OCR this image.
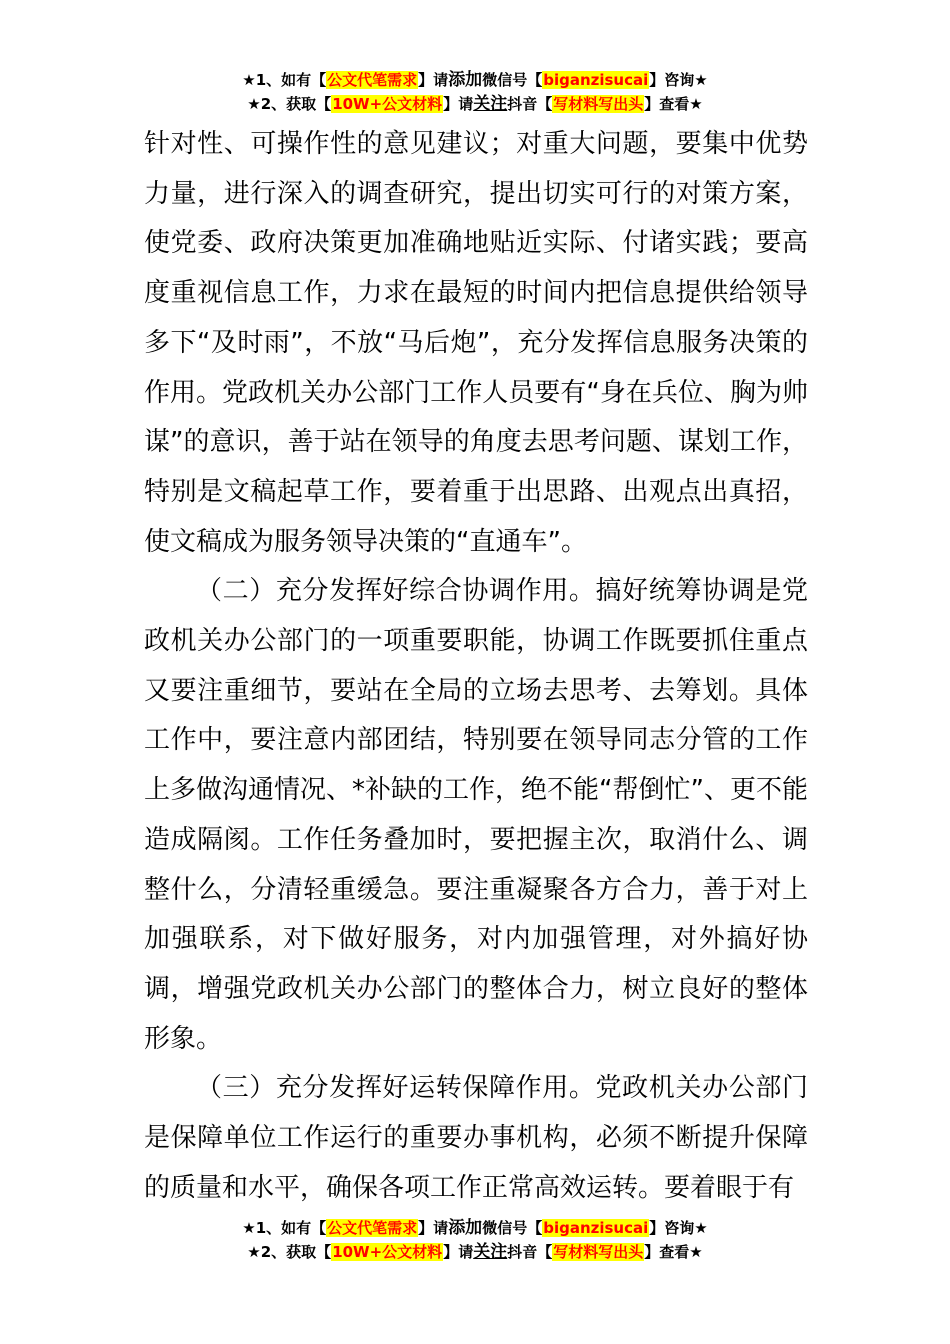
★1、如有【公文代笔需求】请添加微信号【biganzisucai】咨询★
★2、获取【10W+公文材料】请关注抖音【写材料写出头】查看★

针对性、可操作性的意见建议；对重大问题，要集中优势力量，进行深入的调查研究，提出切实可行的对策方案，使党委、政府决策更加准确地贴近实际、付诸实践；要高度重视信息工作，力求在最短的时间内把信息提供给领导多下“及时雨”，不放“马后炮”，充分发挥信息服务决策的作用。党政机关办公部门工作人员要有“身在兵位、胸为帅谋”的意识，善于站在领导的角度去思考问题、谋划工作，特别是文稿起草工作，要着重于出思路、出观点出真招，使文稿成为服务领导决策的“直通车”。

（二）充分发挥好综合协调作用。搞好统筹协调是党政机关办公部门的一项重要职能，协调工作既要抓住重点又要注重细节，要站在全局的立场去思考、去筹划。具体工作中，要注意内部团结，特别要在领导同志分管的工作上多做沟通情况、*补缺的工作，绝不能“帮倒忙”、更不能造成隔阂。工作任务叠加时，要把握主次，取消什么、调整什么，分清轻重缓急。要注重凝聚各方合力，善于对上加强联系，对下做好服务，对内加强管理，对外搞好协调，增强党政机关办公部门的整体合力，树立良好的整体形象。

（三）充分发挥好运转保障作用。党政机关办公部门是保障单位工作运行的重要办事机构，必须不断提升保障的质量和水平，确保各项工作正常高效运转。要着眼于有

★1、如有【公文代笔需求】请添加微信号【biganzisucai】咨询★
★2、获取【10W+公文材料】请关注抖音【写材料写出头】查看★
